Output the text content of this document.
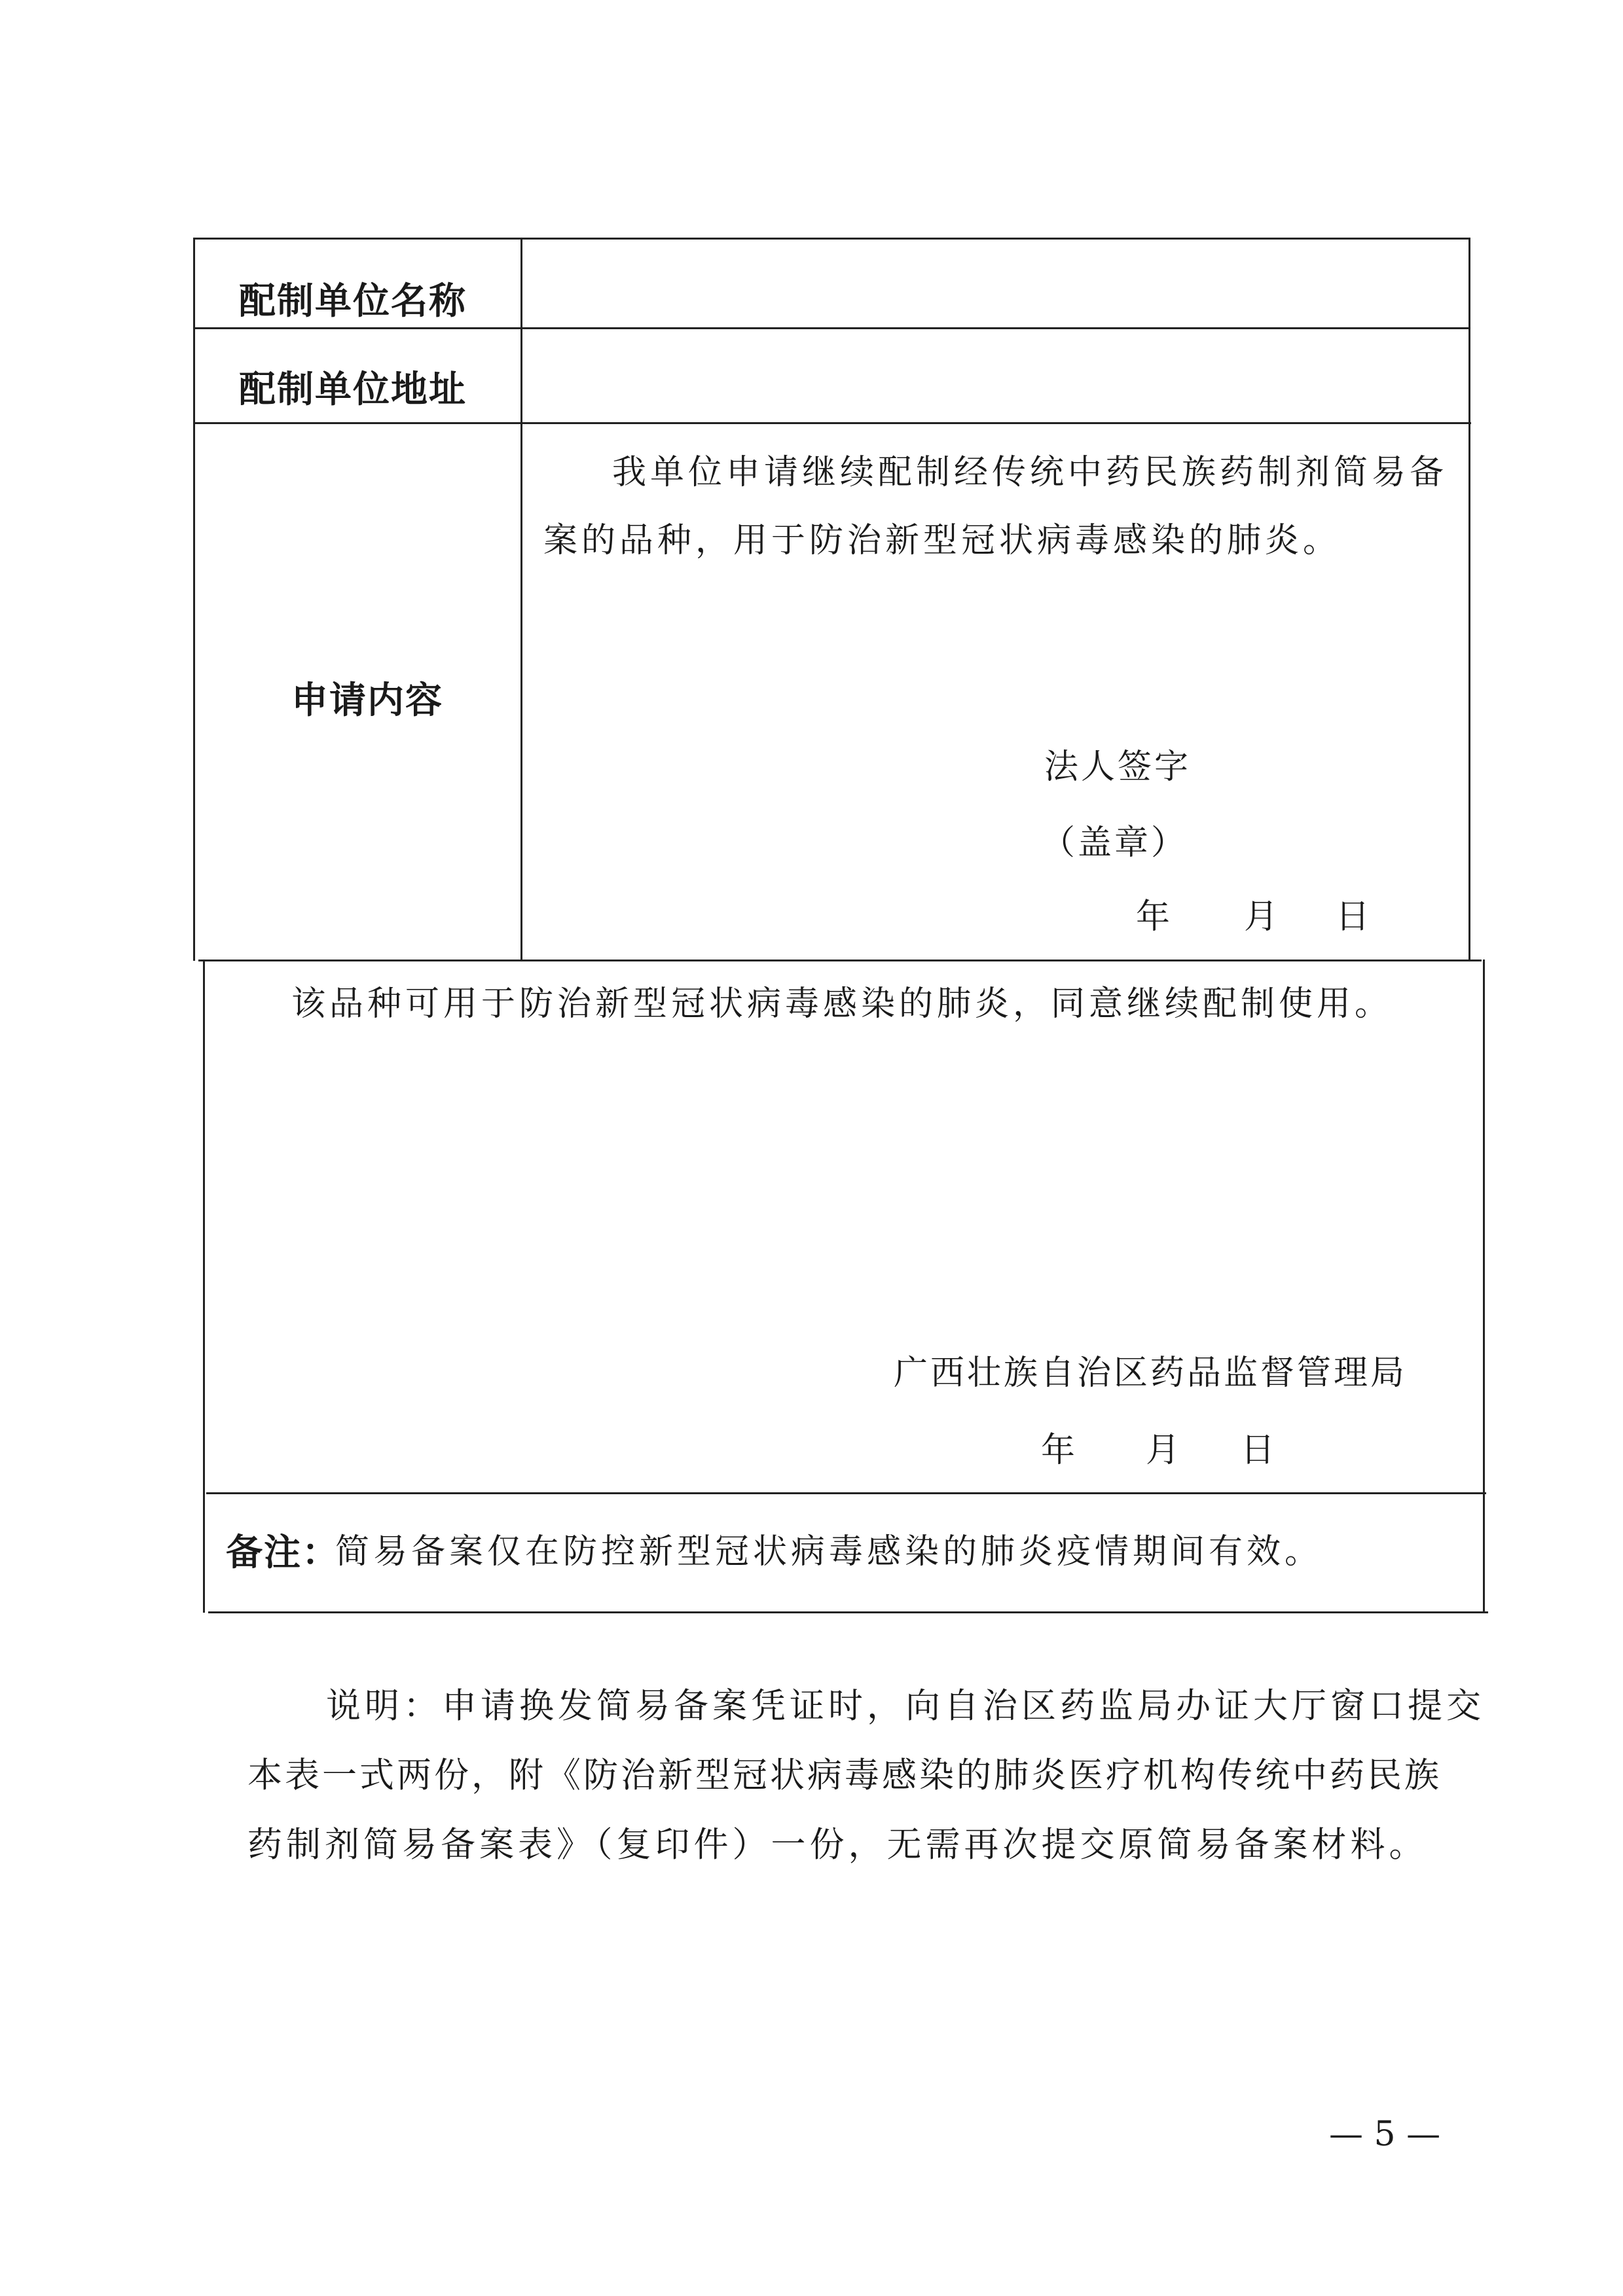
配制单位名称
配制单位地址
申请内容
我单位申请继续配制经传统中药民族药制剂简易备
案的品种，用于防治新型冠状病毒感染的肺炎。
法人签字
（盖章）
年 月 日
该品种可用于防治新型冠状病毒感染的肺炎，同意继续配制使用。
广西壮族自治区药品监督管理局
年 月 日
备注：
简易备案仅在防控新型冠状病毒感染的肺炎疫情期间有效。
说明：申请换发简易备案凭证时，向自治区药监局办证大厅窗口提交
本表一式两份，附《防治新型冠状病毒感染的肺炎医疗机构传统中药民族
药制剂简易备案表》（复印件）一份，无需再次提交原简易备案材料。
— 5 —
